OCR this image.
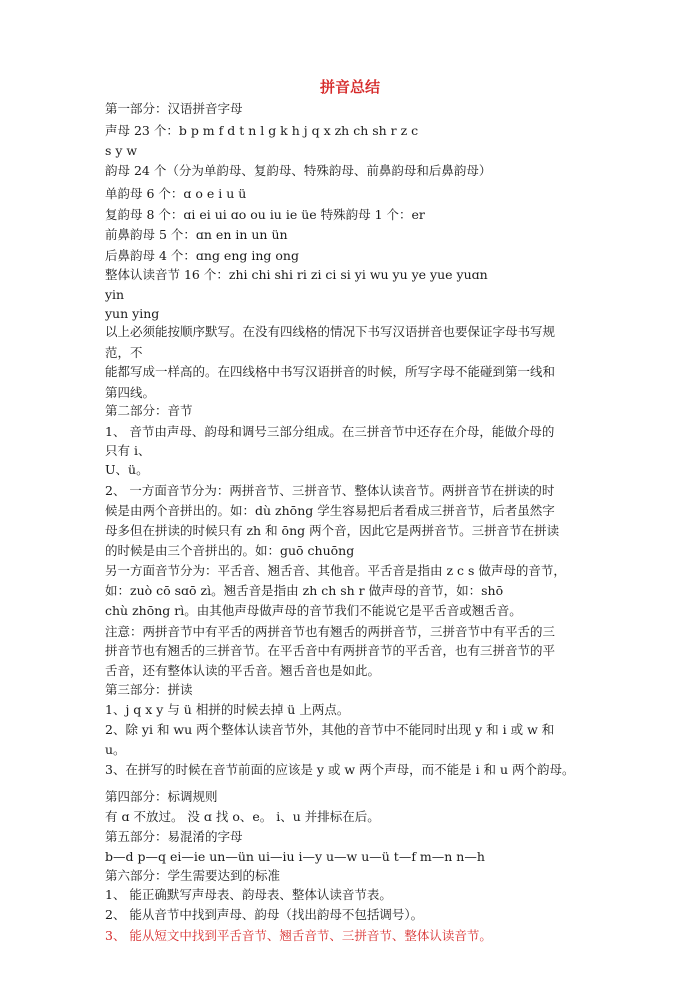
拼音总结
第一部分：汉语拼音字母
声母 23 个：b p m f d t n l g k h j q x zh ch sh r z c
s y w
韵母 24 个（分为单韵母、复韵母、特殊韵母、前鼻韵母和后鼻韵母）
单韵母 6 个：ɑ o e i u ü
复韵母 8 个：ɑi ei ui ɑo ou iu ie üe 特殊韵母 1 个：er
前鼻韵母 5 个：ɑn en in un ün
后鼻韵母 4 个：ɑng eng ing ong
整体认读音节 16 个：zhi chi shi ri zi ci si yi wu yu ye yue yuɑn
yin
yun ying
以上必须能按顺序默写。在没有四线格的情况下书写汉语拼音也要保证字母书写规
范，不
能都写成一样高的。在四线格中书写汉语拼音的时候，所写字母不能碰到第一线和
第四线。
第二部分：音节
1、 音节由声母、韵母和调号三部分组成。在三拼音节中还存在介母，能做介母的
只有 i、
U、ü。
2、 一方面音节分为：两拼音节、三拼音节、整体认读音节。两拼音节在拼读的时
候是由两个音拼出的。如：dù zhōng 学生容易把后者看成三拼音节，后者虽然字
母多但在拼读的时候只有 zh 和 ōng 两个音，因此它是两拼音节。三拼音节在拼读
的时候是由三个音拼出的。如：guō chuōng
另一方面音节分为：平舌音、翘舌音、其他音。平舌音是指由 z c s 做声母的音节，
如：zuò cō sɑō zì。翘舌音是指由 zh ch sh r 做声母的音节，如：shō
chù zhōng rì。由其他声母做声母的音节我们不能说它是平舌音或翘舌音。
注意：两拼音节中有平舌的两拼音节也有翘舌的两拼音节，三拼音节中有平舌的三
拼音节也有翘舌的三拼音节。在平舌音中有两拼音节的平舌音，也有三拼音节的平
舌音，还有整体认读的平舌音。翘舌音也是如此。
第三部分：拼读
1、j q x y 与 ü 相拼的时候去掉 ü 上两点。
2、除 yi 和 wu 两个整体认读音节外，其他的音节中不能同时出现 y 和 i 或 w 和
u。
3、在拼写的时候在音节前面的应该是 y 或 w 两个声母，而不能是 i 和 u 两个韵母。
第四部分：标调规则
有 ɑ 不放过。 没 ɑ 找 o、e。 i、u 并排标在后。
第五部分：易混淆的字母
b—d p—q ei—ie un—ün ui—iu i—y u—w u—ü t—f m—n n—h
第六部分：学生需要达到的标准
1、 能正确默写声母表、韵母表、整体认读音节表。
2、 能从音节中找到声母、韵母（找出韵母不包括调号）。
3、 能从短文中找到平舌音节、翘舌音节、三拼音节、整体认读音节。
